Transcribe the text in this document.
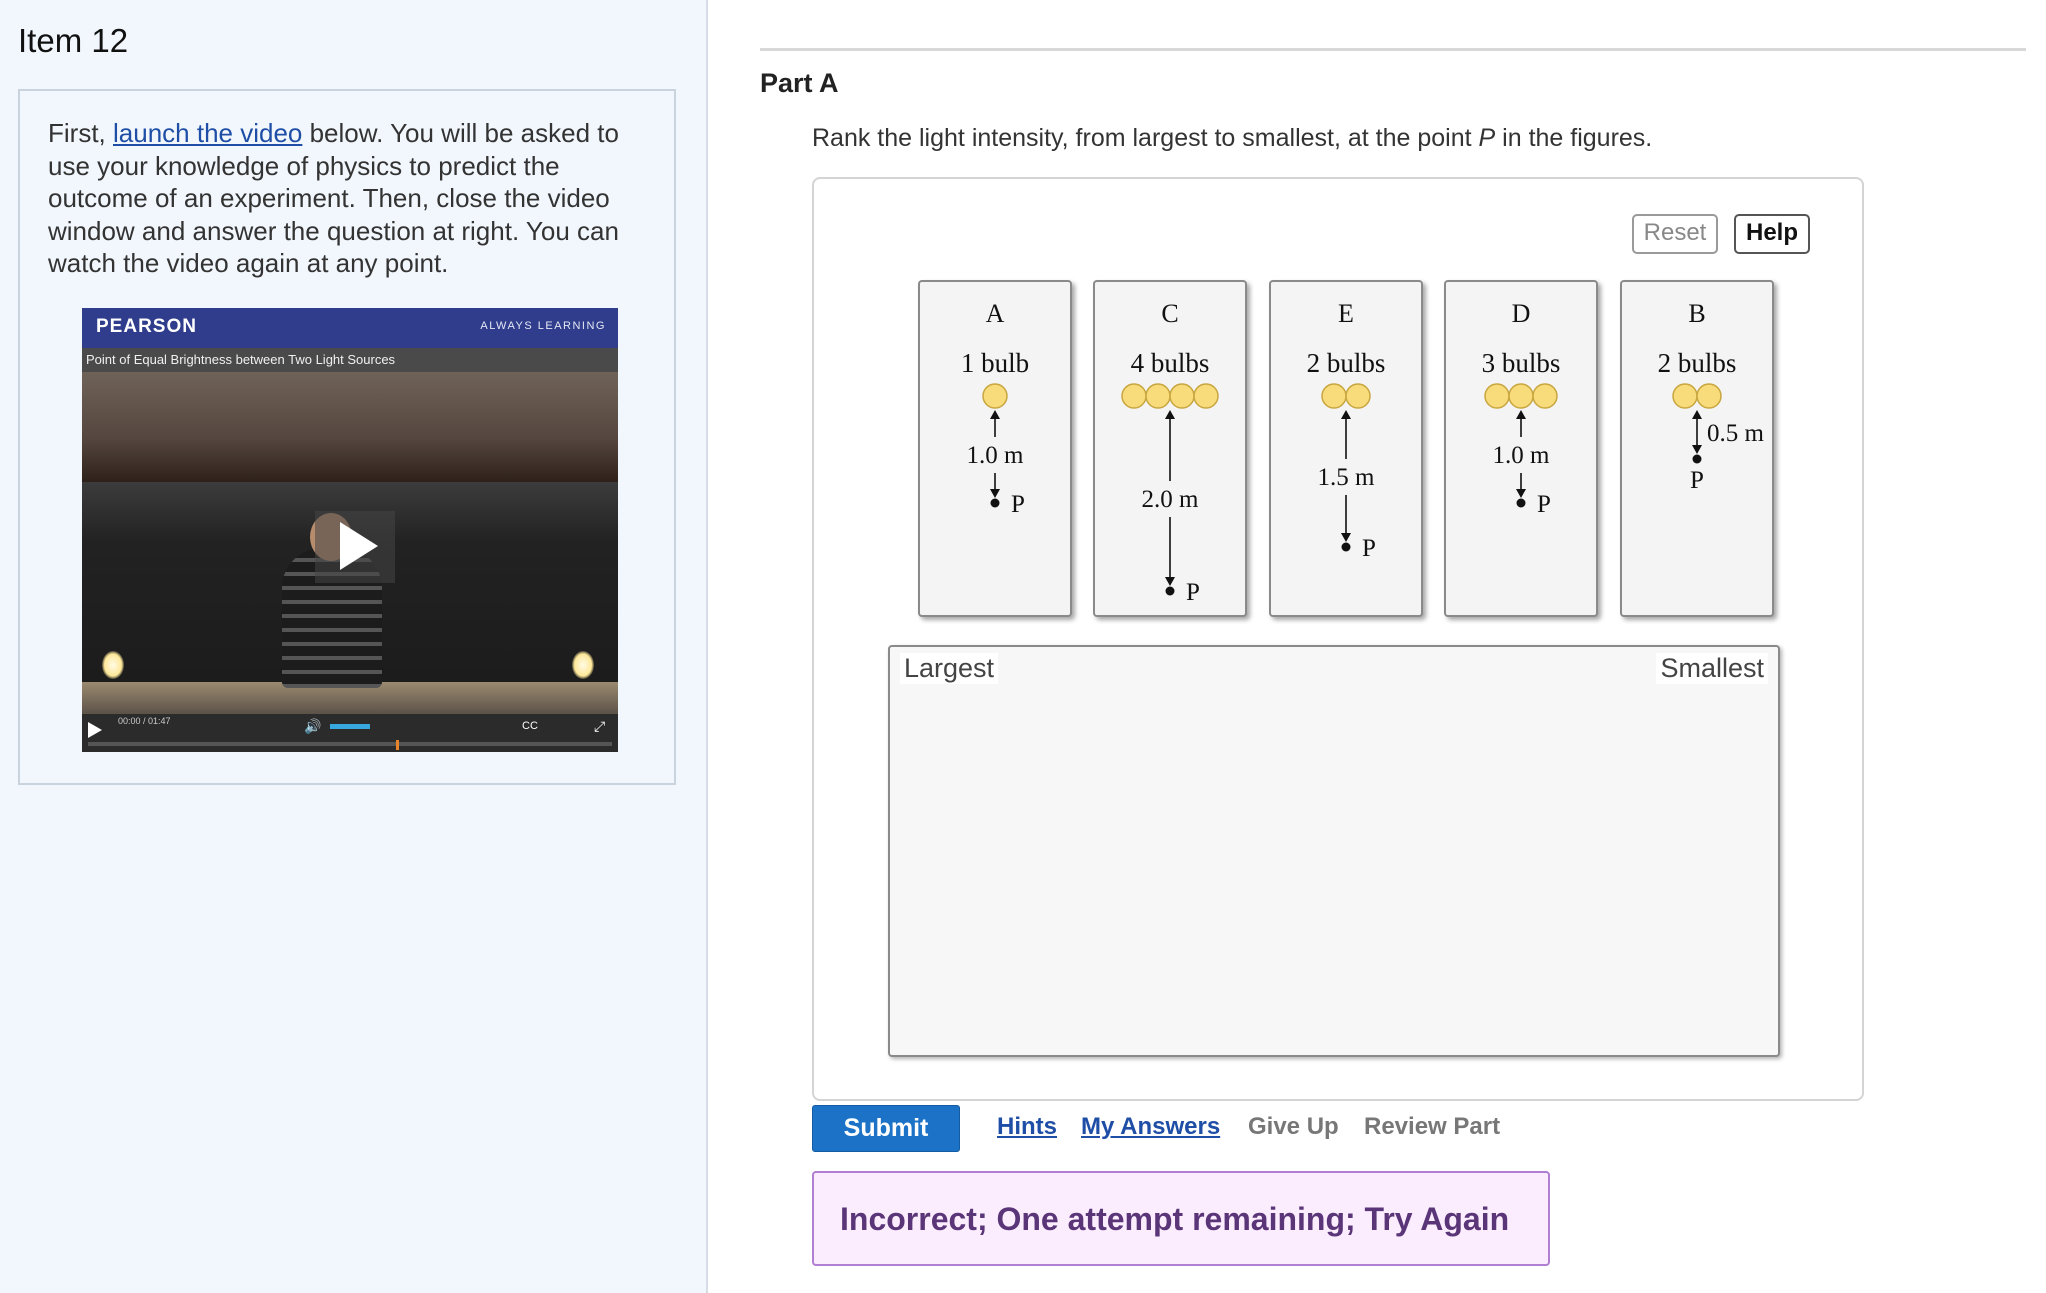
Item 12
First, launch the video below. You will be asked to use your knowledge of physics to predict the outcome of an experiment. Then, close the video window and answer the question at right. You can watch the video again at any point.
PEARSON	ALWAYS LEARNING
Point of Equal Brightness between Two Light Sources
00:00 / 01:47	🔊	CC	⤢
Part A
Rank the light intensity, from largest to smallest, at the point P in the figures.
Reset	Help
A
1 bulb
1.0 m
P
C
4 bulbs
2.0 m
P
E
2 bulbs
1.5 m
P
D
3 bulbs
1.0 m
P
B
2 bulbs
0.5 m
P
Largest	Smallest
Submit	Hints My Answers Give Up Review Part
Incorrect; One attempt remaining; Try Again
